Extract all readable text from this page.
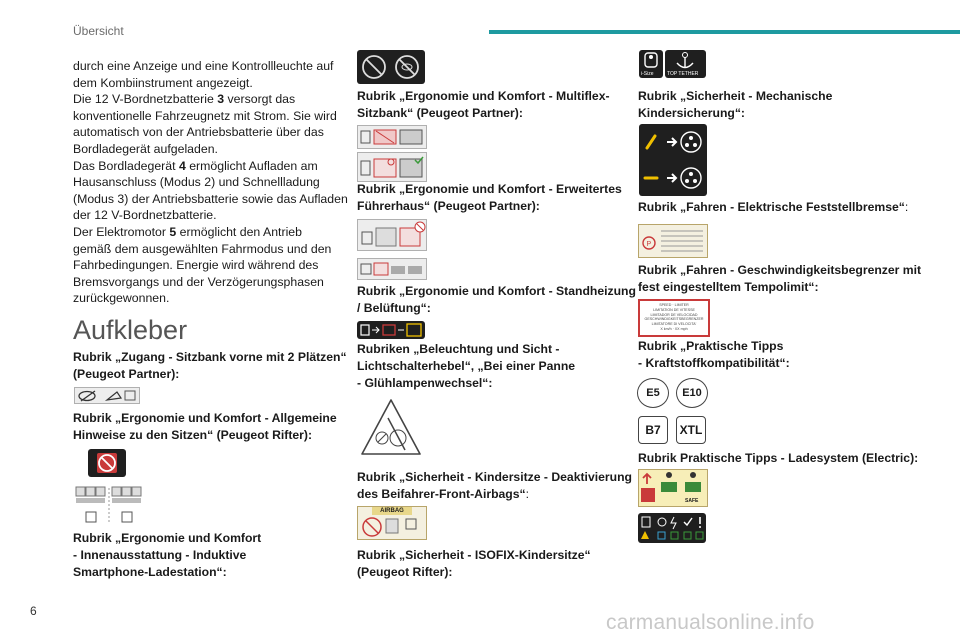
Übersicht
durch eine Anzeige und eine Kontrollleuchte auf
dem Kombiinstrument angezeigt.
Die 12 V-Bordnetzbatterie 3 versorgt das
konventionelle Fahrzeugnetz mit Strom. Sie wird
automatisch von der Antriebsbatterie über das
Bordladegerät aufgeladen.
Das Bordladegerät 4 ermöglicht Aufladen am
Hausanschluss (Modus 2) und Schnellladung
(Modus 3) der Antriebsbatterie sowie das Aufladen
der 12 V-Bordnetzbatterie.
Der Elektromotor 5 ermöglicht den Antrieb
gemäß dem ausgewählten Fahrmodus und den
Fahrbedingungen. Energie wird während des
Bremsvorgangs und der Verzögerungsphasen
zurückgewonnen.
Aufkleber
Rubrik „Zugang - Sitzbank vorne mit 2 Plätzen“
(Peugeot Partner):
Rubrik „Ergonomie und Komfort - Allgemeine
Hinweise zu den Sitzen“ (Peugeot Rifter):
Rubrik „Ergonomie und Komfort
- Innenausstattung - Induktive
Smartphone-Ladestation“:
Rubrik „Ergonomie und Komfort - Multiflex-
Sitzbank“ (Peugeot Partner):
Rubrik „Ergonomie und Komfort - Erweitertes
Führerhaus“ (Peugeot Partner):
Rubrik „Ergonomie und Komfort - Standheizung
/ Belüftung“:
Rubriken „Beleuchtung und Sicht -
Lichtschalterhebel“, „Bei einer Panne
- Glühlampenwechsel“:
Rubrik „Sicherheit - Kindersitze - Deaktivierung
des Beifahrer-Front-Airbags“:
AIRBAG
Rubrik „Sicherheit - ISOFIX-Kindersitze“
(Peugeot Rifter):
i-Size	TOP TETHER
Rubrik „Sicherheit - Mechanische
Kindersicherung“:
Rubrik „Fahren - Elektrische Feststellbremse“:
P
Rubrik „Fahren - Geschwindigkeitsbegrenzer mit
fest eingestelltem Tempolimit“:
SPEED · LIMITER
LIMITATION DE VITESSE
LIMITADOR DE VELOCIDAD
GESCHWINDIGKEITSBEGRENZER
LIMITATORE DI VELOCITA'
X km/h · XX mph
Rubrik „Praktische Tipps
- Kraftstoffkompatibilität“:
E5	E10
B7	XTL
Rubrik Praktische Tipps - Ladesystem (Electric):
SAFE
6	carmanualsonline.info
